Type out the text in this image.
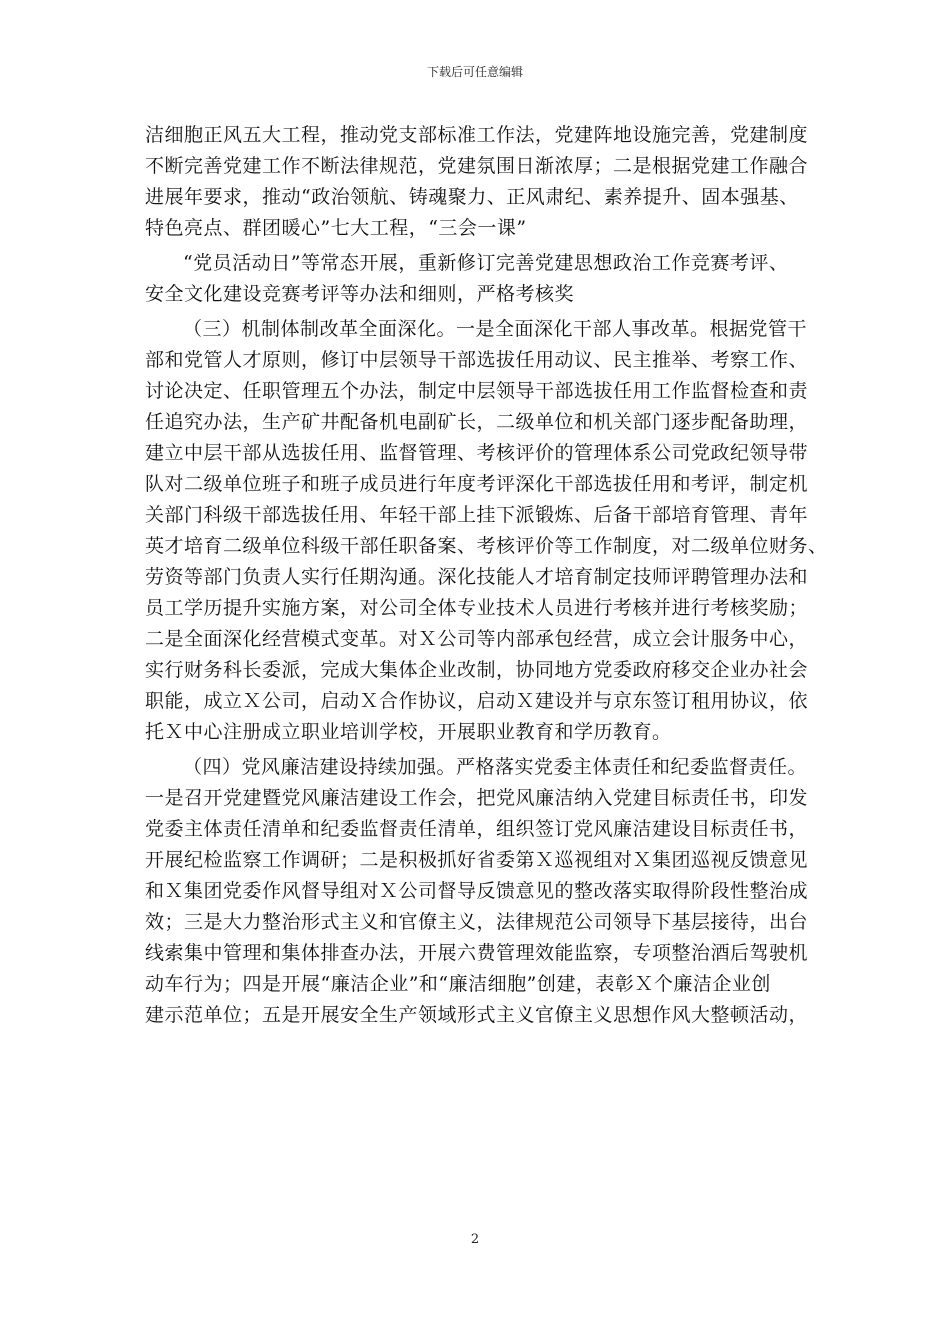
下载后可任意编辑
洁细胞正风五大工程，推动党支部标准工作法，党建阵地设施完善，党建制度
不断完善党建工作不断法律规范，党建氛围日渐浓厚；二是根据党建工作融合
进展年要求，推动“政治领航、铸魂聚力、正风肃纪、素养提升、固本强基、
特色亮点、群团暖心”七大工程，“三会一课”
“党员活动日”等常态开展，重新修订完善党建思想政治工作竞赛考评、
安全文化建设竞赛考评等办法和细则，严格考核奖
（三）机制体制改革全面深化。一是全面深化干部人事改革。根据党管干
部和党管人才原则，修订中层领导干部选拔任用动议、民主推举、考察工作、
讨论决定、任职管理五个办法，制定中层领导干部选拔任用工作监督检查和责
任追究办法，生产矿井配备机电副矿长，二级单位和机关部门逐步配备助理，
建立中层干部从选拔任用、监督管理、考核评价的管理体系公司党政纪领导带
队对二级单位班子和班子成员进行年度考评深化干部选拔任用和考评，制定机
关部门科级干部选拔任用、年轻干部上挂下派锻炼、后备干部培育管理、青年
英才培育二级单位科级干部任职备案、考核评价等工作制度，对二级单位财务、
劳资等部门负责人实行任期沟通。深化技能人才培育制定技师评聘管理办法和
员工学历提升实施方案，对公司全体专业技术人员进行考核并进行考核奖励；
二是全面深化经营模式变革。对Ｘ公司等内部承包经营，成立会计服务中心，
实行财务科长委派，完成大集体企业改制，协同地方党委政府移交企业办社会
职能，成立Ｘ公司，启动Ｘ合作协议，启动Ｘ建设并与京东签订租用协议，依
托Ｘ中心注册成立职业培训学校，开展职业教育和学历教育。
（四）党风廉洁建设持续加强。严格落实党委主体责任和纪委监督责任。
一是召开党建暨党风廉洁建设工作会，把党风廉洁纳入党建目标责任书，印发
党委主体责任清单和纪委监督责任清单，组织签订党风廉洁建设目标责任书，
开展纪检监察工作调研；二是积极抓好省委第Ｘ巡视组对Ｘ集团巡视反馈意见
和Ｘ集团党委作风督导组对Ｘ公司督导反馈意见的整改落实取得阶段性整治成
效；三是大力整治形式主义和官僚主义，法律规范公司领导下基层接待，出台
线索集中管理和集体排查办法，开展六费管理效能监察，专项整治酒后驾驶机
动车行为；四是开展“廉洁企业”和“廉洁细胞”创建，表彰Ｘ个廉洁企业创
建示范单位；五是开展安全生产领域形式主义官僚主义思想作风大整顿活动，
2
